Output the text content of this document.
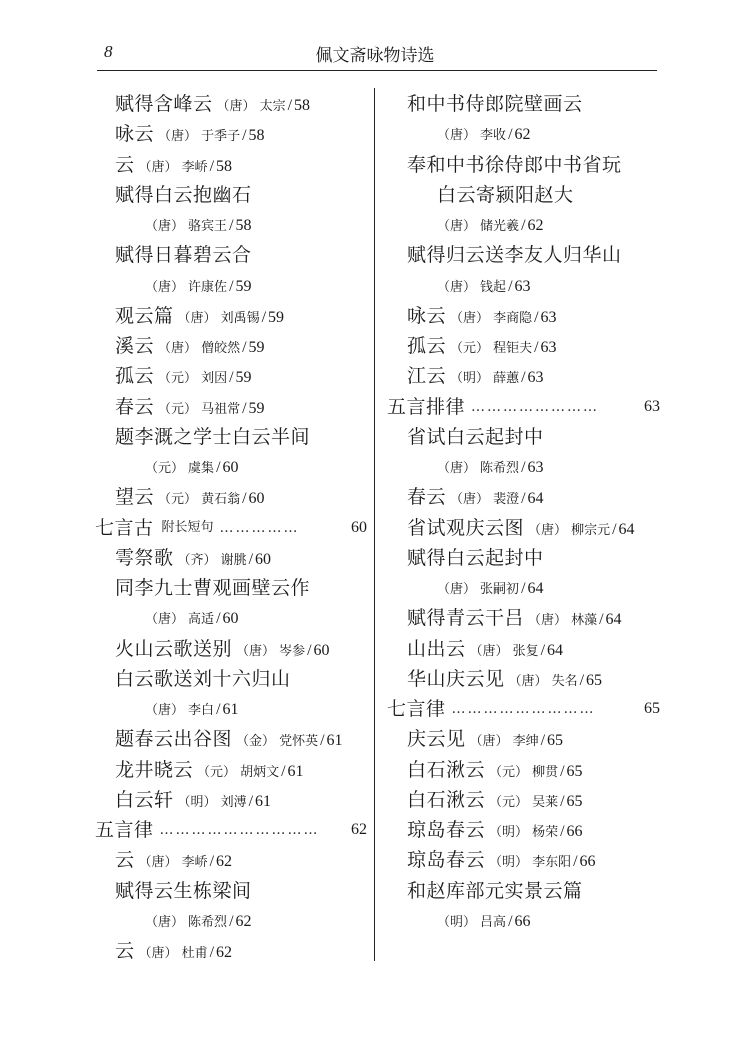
8	佩文斋咏物诗选
赋得含峰云 （唐） 太宗 / 58
咏云 （唐） 于季子 / 58
云 （唐） 李峤 / 58
赋得白云抱幽石
（唐） 骆宾王 / 58
赋得日暮碧云合
（唐） 许康佐 / 59
观云篇 （唐） 刘禹锡 / 59
溪云 （唐） 僧皎然 / 59
孤云 （元） 刘因 / 59
春云 （元） 马祖常 / 59
题李溉之学士白云半间
（元） 虞集 / 60
望云 （元） 黄石翁 / 60
七言古 附长短句 ……………	60
雩祭歌 （齐） 谢朓 / 60
同李九士曹观画壁云作
（唐） 高适 / 60
火山云歌送别 （唐） 岑参 / 60
白云歌送刘十六归山
（唐） 李白 / 61
题春云出谷图 （金） 党怀英 / 61
龙井晓云 （元） 胡炳文 / 61
白云轩 （明） 刘溥 / 61
五言律 …………………………	62
云 （唐） 李峤 / 62
赋得云生栋梁间
（唐） 陈希烈 / 62
云 （唐） 杜甫 / 62
和中书侍郎院壁画云
（唐） 李收 / 62
奉和中书徐侍郎中书省玩
白云寄颍阳赵大
（唐） 储光羲 / 62
赋得归云送李友人归华山
（唐） 钱起 / 63
咏云 （唐） 李商隐 / 63
孤云 （元） 程钜夫 / 63
江云 （明） 薛蕙 / 63
五言排律 ……………………	63
省试白云起封中
（唐） 陈希烈 / 63
春云 （唐） 裴澄 / 64
省试观庆云图 （唐） 柳宗元 / 64
赋得白云起封中
（唐） 张嗣初 / 64
赋得青云干吕 （唐） 林藻 / 64
山出云 （唐） 张复 / 64
华山庆云见 （唐） 失名 / 65
七言律 ………………………	65
庆云见 （唐） 李绅 / 65
白石湫云 （元） 柳贯 / 65
白石湫云 （元） 吴莱 / 65
琼岛春云 （明） 杨荣 / 66
琼岛春云 （明） 李东阳 / 66
和赵库部元实景云篇
（明） 吕高 / 66
